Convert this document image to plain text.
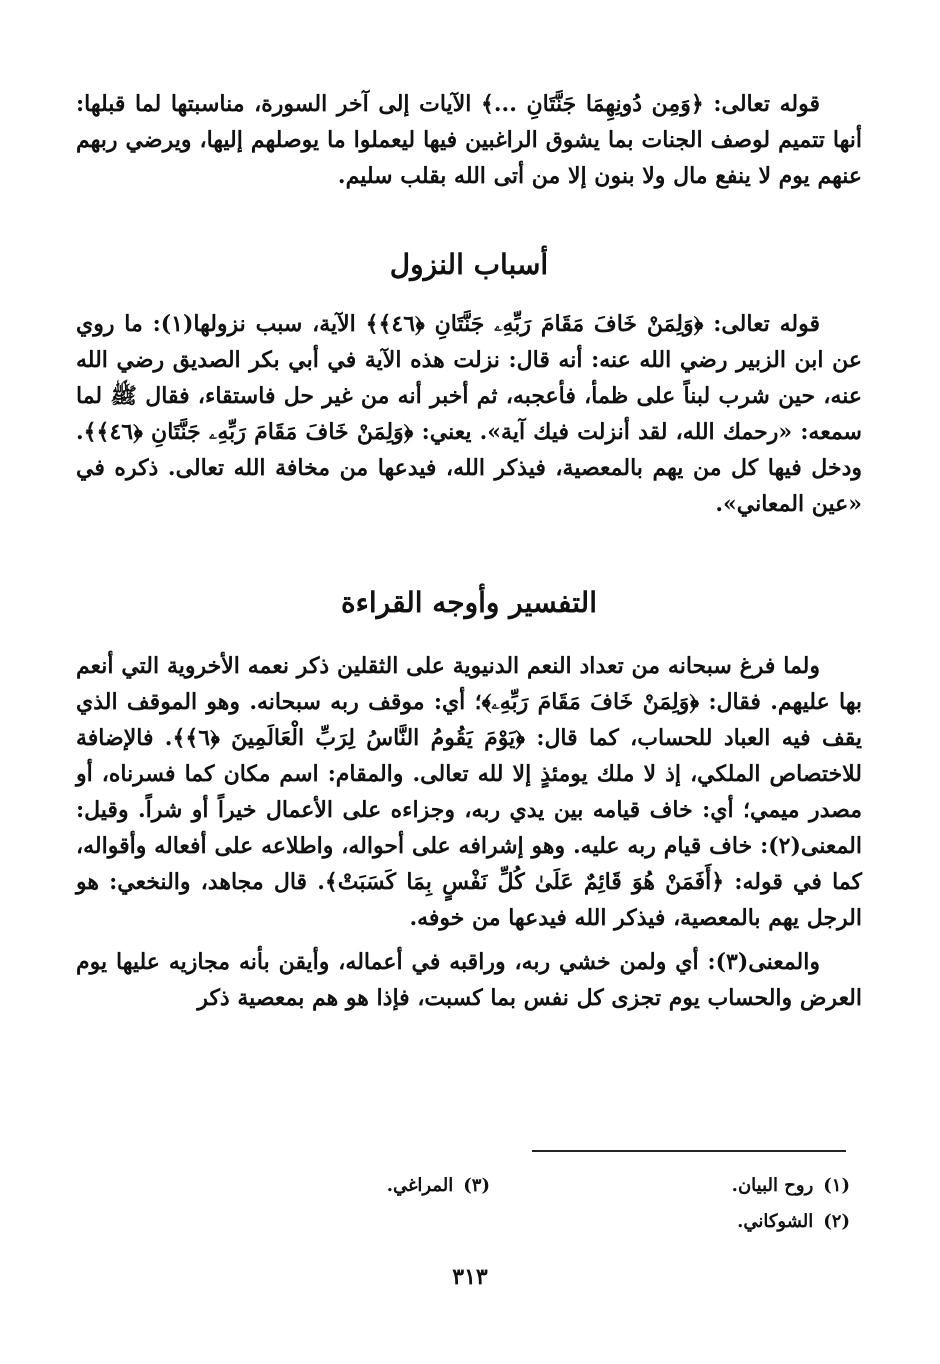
قوله تعالى: ﴿وَمِن دُونِهِمَا جَنَّتَانِ ...﴾ الآيات إلى آخر السورة، مناسبتها لما قبلها: أنها تتميم لوصف الجنات بما يشوق الراغبين فيها ليعملوا ما يوصلهم إليها، ويرضي ربهم عنهم يوم لا ينفع مال ولا بنون إلا من أتى الله بقلب سليم.

أسباب النزول

قوله تعالى: ﴿وَلِمَنْ خَافَ مَقَامَ رَبِّهِۦ جَنَّتَانِ ﴿٤٦﴾﴾ الآية، سبب نزولها(١): ما روي عن ابن الزبير رضي الله عنه: أنه قال: نزلت هذه الآية في أبي بكر الصديق رضي الله عنه، حين شرب لبناً على ظمأ، فأعجبه، ثم أخبر أنه من غير حل فاستقاء، فقال ﷺ لما سمعه: «رحمك الله، لقد أنزلت فيك آية». يعني: ﴿وَلِمَنْ خَافَ مَقَامَ رَبِّهِۦ جَنَّتَانِ ﴿٤٦﴾﴾. ودخل فيها كل من يهم بالمعصية، فيذكر الله، فيدعها من مخافة الله تعالى. ذكره في «عين المعاني».

التفسير وأوجه القراءة

ولما فرغ سبحانه من تعداد النعم الدنيوية على الثقلين ذكر نعمه الأخروية التي أنعم بها عليهم. فقال: ﴿وَلِمَنْ خَافَ مَقَامَ رَبِّهِۦ﴾؛ أي: موقف ربه سبحانه. وهو الموقف الذي يقف فيه العباد للحساب، كما قال: ﴿يَوْمَ يَقُومُ النَّاسُ لِرَبِّ الْعَالَمِينَ ﴿٦﴾﴾. فالإضافة للاختصاص الملكي، إذ لا ملك يومئذٍ إلا لله تعالى. والمقام: اسم مكان كما فسرناه، أو مصدر ميمي؛ أي: خاف قيامه بين يدي ربه، وجزاءه على الأعمال خيراً أو شراً. وقيل: المعنى(٢): خاف قيام ربه عليه. وهو إشرافه على أحواله، واطلاعه على أفعاله وأقواله، كما في قوله: ﴿أَفَمَنْ هُوَ قَائِمٌ عَلَىٰ كُلِّ نَفْسٍ بِمَا كَسَبَتْ﴾. قال مجاهد، والنخعي: هو الرجل يهم بالمعصية، فيذكر الله فيدعها من خوفه.

والمعنى(٣): أي ولمن خشي ربه، وراقبه في أعماله، وأيقن بأنه مجازيه عليها يوم العرض والحساب يوم تجزى كل نفس بما كسبت، فإذا هو هم بمعصية ذكر

(١)روح البيان.
(٣)المراغي.
(٢)الشوكاني.
٣١٣
